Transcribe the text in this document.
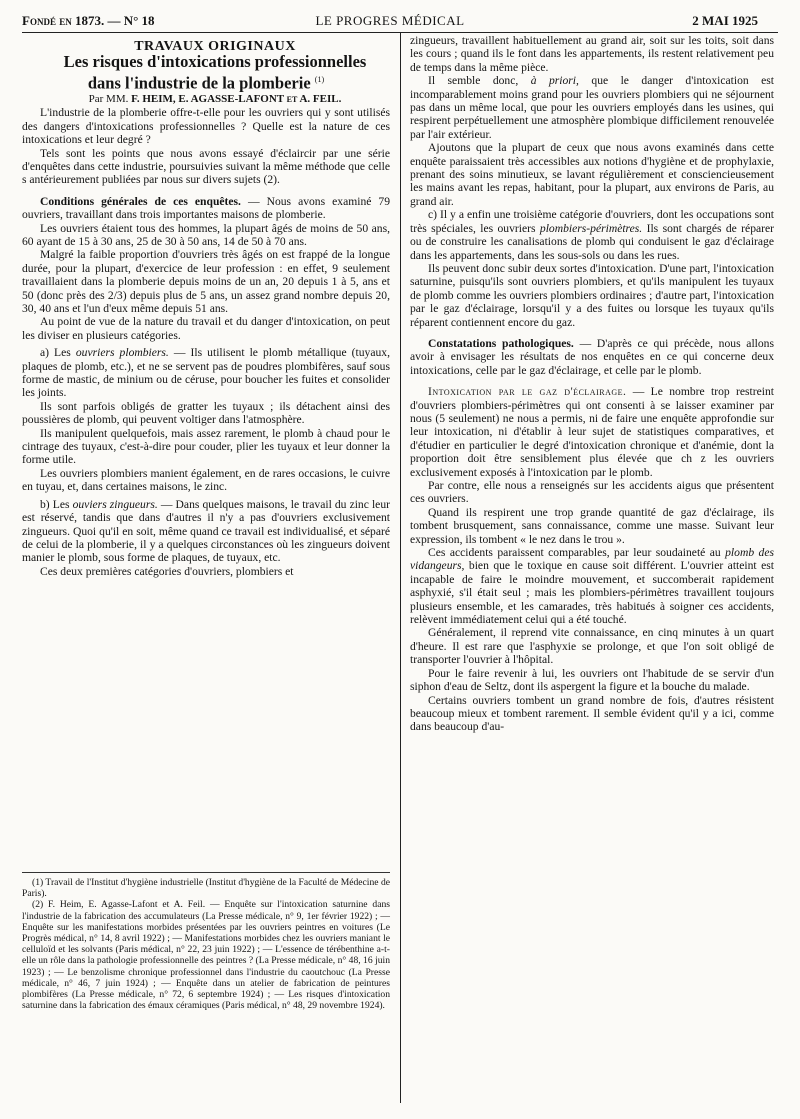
LE PROGRES MÉDICAL
Fondé en 1873. — N° 18	2 MAI 1925

TRAVAUX ORIGINAUX

Les risques d'intoxications professionnelles
dans l'industrie de la plomberie $^{(1)}$

Par MM. F. HEIM, E. AGASSE-LAFONT et A. FEIL.

L'industrie de la plomberie offre-t-elle pour les ouvriers qui y sont utilisés des dangers d'intoxications professionnelles ? Quelle est la nature de ces intoxications et leur degré ?

Tels sont les points que nous avons essayé d'éclaircir par une série d'enquêtes dans cette industrie, poursuivies suivant la même méthode que celle s antérieurement publiées par nous sur divers sujets (2).

Conditions générales de ces enquêtes. — Nous avons examiné 79 ouvriers, travaillant dans trois importantes maisons de plomberie.

Les ouvriers étaient tous des hommes, la plupart âgés de moins de 50 ans, 60 ayant de 15 à 30 ans, 25 de 30 à 50 ans, 14 de 50 à 70 ans.

Malgré la faible proportion d'ouvriers très âgés on est frappé de la longue durée, pour la plupart, d'exercice de leur profession : en effet, 9 seulement travaillaient dans la plomberie depuis moins de un an, 20 depuis 1 à 5, ans et 50 (donc près des 2/3) depuis plus de 5 ans, un assez grand nombre depuis 20, 30, 40 ans et l'un d'eux même depuis 51 ans.

Au point de vue de la nature du travail et du danger d'intoxication, on peut les diviser en plusieurs catégories.

a) Les ouvriers plombiers. — Ils utilisent le plomb métallique (tuyaux, plaques de plomb, etc.), et ne se servent pas de poudres plombifères, sauf sous forme de mastic, de minium ou de céruse, pour boucher les fuites et consolider les joints.

Ils sont parfois obligés de gratter les tuyaux ; ils détachent ainsi des poussières de plomb, qui peuvent voltiger dans l'atmosphère.

Ils manipulent quelquefois, mais assez rarement, le plomb à chaud pour le cintrage des tuyaux, c'est-à-dire pour couder, plier les tuyaux et leur donner la forme utile.

Les ouvriers plombiers manient également, en de rares occasions, le cuivre en tuyau, et, dans certaines maisons, le zinc.

b) Les ouviers zingueurs. — Dans quelques maisons, le travail du zinc leur est réservé, tandis que dans d'autres il n'y a pas d'ouvriers exclusivement zingueurs. Quoi qu'il en soit, même quand ce travail est individualisé, et séparé de celui de la plomberie, il y a quelques circonstances où les zingueurs doivent manier le plomb, sous forme de plaques, de tuyaux, etc.

Ces deux premières catégories d'ouvriers, plombiers et

(1) Travail de l'Institut d'hygiène industrielle (Institut d'hygiène de la Faculté de Médecine de Paris).

(2) F. Heim, E. Agasse-Lafont et A. Feil. — Enquête sur l'intoxication saturnine dans l'industrie de la fabrication des accumulateurs (La Presse médicale, n° 9, 1er février 1922) ; — Enquête sur les manifestations morbides présentées par les ouvriers peintres en voitures (Le Progrès médical, n° 14, 8 avril 1922) ; — Manifestations morbides chez les ouvriers maniant le celluloïd et les solvants (Paris médical, n° 22, 23 juin 1922) ; — L'essence de térébenthine a-t-elle un rôle dans la pathologie professionnelle des peintres ? (La Presse médicale, n° 48, 16 juin 1923) ; — Le benzolisme chronique professionnel dans l'industrie du caoutchouc (La Presse médicale, n° 46, 7 juin 1924) ; — Enquête dans un atelier de fabrication de peintures plombifères (La Presse médicale, n° 72, 6 septembre 1924) ; — Les risques d'intoxication saturnine dans la fabrication des émaux céramiques (Paris médical, n° 48, 29 novembre 1924).

zingueurs, travaillent habituellement au grand air, soit sur les toits, soit dans les cours ; quand ils le font dans les appartements, ils restent relativement peu de temps dans la même pièce.

Il semble donc, à priori, que le danger d'intoxication est incomparablement moins grand pour les ouvriers plombiers qui ne séjournent pas dans un même local, que pour les ouvriers employés dans les usines, qui respirent perpétuellement une atmosphère plombique difficilement renouvelée par l'air extérieur.

Ajoutons que la plupart de ceux que nous avons examinés dans cette enquête paraissaient très accessibles aux notions d'hygiène et de prophylaxie, prenant des soins minutieux, se lavant régulièrement et consciencieusement les mains avant les repas, habitant, pour la plupart, aux environs de Paris, au grand air.

c) Il y a enfin une troisième catégorie d'ouvriers, dont les occupations sont très spéciales, les ouvriers plombiers-périmètres. Ils sont chargés de réparer ou de construire les canalisations de plomb qui conduisent le gaz d'éclairage dans les appartements, dans les sous-sols ou dans les rues.

Ils peuvent donc subir deux sortes d'intoxication. D'une part, l'intoxication saturnine, puisqu'ils sont ouvriers plombiers, et qu'ils manipulent les tuyaux de plomb comme les ouvriers plombiers ordinaires ; d'autre part, l'intoxication par le gaz d'éclairage, lorsqu'il y a des fuites ou lorsque les tuyaux qu'ils réparent contiennent encore du gaz.

Constatations pathologiques. — D'après ce qui précède, nous allons avoir à envisager les résultats de nos enquêtes en ce qui concerne deux intoxications, celle par le gaz d'éclairage, et celle par le plomb.

Intoxication par le gaz d'éclairage. — Le nombre trop restreint d'ouvriers plombiers-périmètres qui ont consenti à se laisser examiner par nous (5 seulement) ne nous a permis, ni de faire une enquête approfondie sur leur intoxication, ni d'établir à leur sujet de statistiques comparatives, et d'étudier en particulier le degré d'intoxication chronique et d'anémie, dont la proportion doit être sensiblement plus élevée que ch z les ouvriers exclusivement exposés à l'intoxication par le plomb.

Par contre, elle nous a renseignés sur les accidents aigus que présentent ces ouvriers.

Quand ils respirent une trop grande quantité de gaz d'éclairage, ils tombent brusquement, sans connaissance, comme une masse. Suivant leur expression, ils tombent « le nez dans le trou ».

Ces accidents paraissent comparables, par leur soudaineté au plomb des vidangeurs, bien que le toxique en cause soit différent. L'ouvrier atteint est incapable de faire le moindre mouvement, et succomberait rapidement asphyxié, s'il était seul ; mais les plombiers-périmètres travaillent toujours plusieurs ensemble, et les camarades, très habitués à soigner ces accidents, relèvent immédiatement celui qui a été touché.

Généralement, il reprend vite connaissance, en cinq minutes à un quart d'heure. Il est rare que l'asphyxie se prolonge, et que l'on soit obligé de transporter l'ouvrier à l'hôpital.

Pour le faire revenir à lui, les ouvriers ont l'habitude de se servir d'un siphon d'eau de Seltz, dont ils aspergent la figure et la bouche du malade.

Certains ouvriers tombent un grand nombre de fois, d'autres résistent beaucoup mieux et tombent rarement. Il semble évident qu'il y a ici, comme dans beaucoup d'au-
